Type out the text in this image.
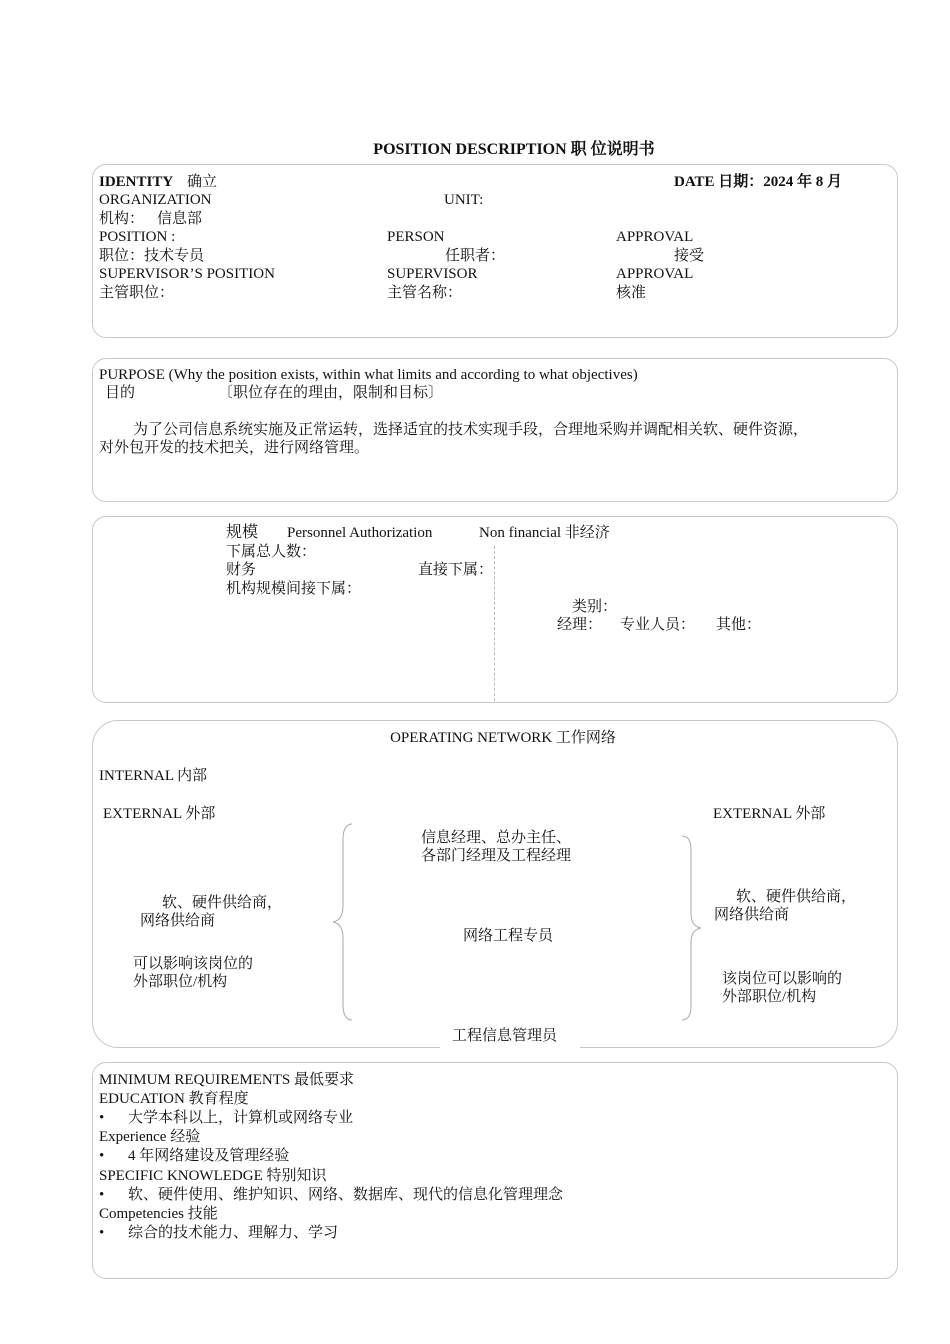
POSITION DESCRIPTION 职 位说明书
IDENTITY 确立	DATE 日期：2024 年 8 月
ORGANIZATION	UNIT:
机构： 信息部
POSITION :	PERSON	APPROVAL
职位：技术专员	任职者：	接受
SUPERVISOR’S POSITION	SUPERVISOR	APPROVAL
主管职位：	主管名称：	核准
PURPOSE (Why the position exists, within what limits and according to what objectives)
目的	〔职位存在的理由，限制和目标〕
为了公司信息系统实施及正常运转，选择适宜的技术实现手段，合理地采购并调配相关软、硬件资源，
对外包开发的技术把关，进行网络管理。
规模 Personnel Authorization	Non financial 非经济
下属总人数：
财务	直接下属：
机构规模间接下属：
类别：
经理： 专业人员： 其他：
OPERATING NETWORK 工作网络
INTERNAL 内部
EXTERNAL 外部	EXTERNAL 外部
信息经理、总办主任、
各部门经理及工程经理
网络工程专员
工程信息管理员
软、硬件供给商，
网络供给商
可以影响该岗位的
外部职位/机构
软、硬件供给商，
网络供给商
该岗位可以影响的
外部职位/机构
MINIMUM REQUIREMENTS 最低要求
EDUCATION 教育程度
• 大学本科以上，计算机或网络专业
Experience 经验
• 4 年网络建设及管理经验
SPECIFIC KNOWLEDGE 特别知识
• 软、硬件使用、维护知识、网络、数据库、现代的信息化管理理念
Competencies 技能
• 综合的技术能力、理解力、学习
